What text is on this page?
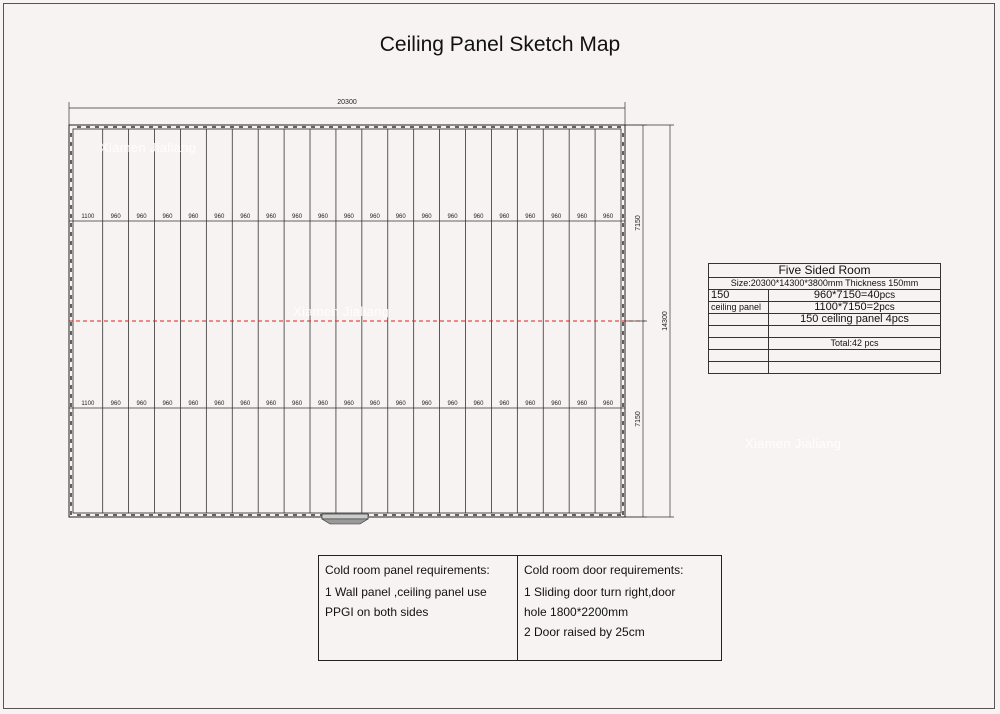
Ceiling Panel Sketch Map
1100	960	960	960	960	960	960	960	960	960	960	960	960	960	960	960	960	960	960	960	960
1100	960	960	960	960	960	960	960	960	960	960	960	960	960	960	960	960	960	960	960	960
20300
7150
7150
14300
Xiamen Jialiang
Xiamen Jialiang
Xiamen Jialiang
Five Sided Room	
Size:20300*14300*3800mm Thickness 150mm	
150	960*7150=40pcs
ceiling panel	1100*7150=2pcs
	150 ceiling panel 4pcs

	Total:42 pcs

Cold room panel requirements:
1 Wall panel ,ceiling panel use
PPGI on both sides
Cold room door requirements:
1 Sliding door turn right,door
hole 1800*2200mm
2 Door raised by 25cm
